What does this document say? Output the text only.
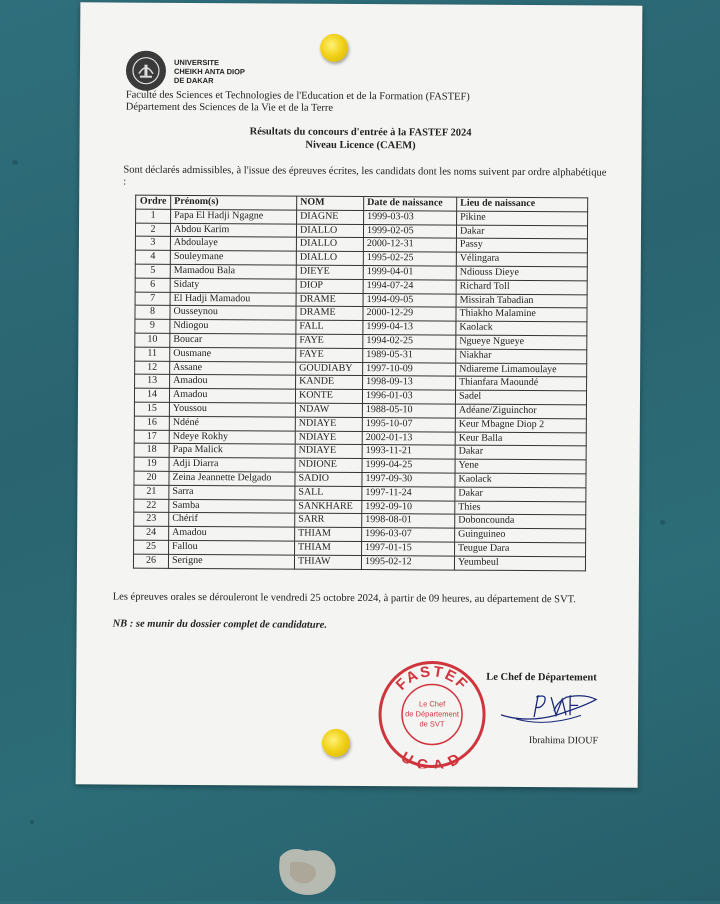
UNIVERSITE
CHEIKH ANTA DIOP
DE DAKAR
Faculté des Sciences et Technologies de l'Education et de la Formation (FASTEF)
Département des Sciences de la Vie et de la Terre
Résultats du concours d'entrée à la FASTEF 2024
Niveau Licence (CAEM)
Sont déclarés admissibles, à l'issue des épreuves écrites, les candidats dont les noms suivent par ordre alphabétique :
Ordre	Prénom(s)	NOM	Date de naissance	Lieu de naissance
1	Papa El Hadji Ngagne	DIAGNE	1999-03-03	Pikine
2	Abdou Karim	DIALLO	1999-02-05	Dakar
3	Abdoulaye	DIALLO	2000-12-31	Passy
4	Souleymane	DIALLO	1995-02-25	Vélingara
5	Mamadou Bala	DIEYE	1999-04-01	Ndiouss Dieye
6	Sidaty	DIOP	1994-07-24	Richard Toll
7	El Hadji Mamadou	DRAME	1994-09-05	Missirah Tabadian
8	Ousseynou	DRAME	2000-12-29	Thiakho Malamine
9	Ndiogou	FALL	1999-04-13	Kaolack
10	Boucar	FAYE	1994-02-25	Ngueye Ngueye
11	Ousmane	FAYE	1989-05-31	Niakhar
12	Assane	GOUDIABY	1997-10-09	Ndiareme Limamoulaye
13	Amadou	KANDE	1998-09-13	Thianfara Maoundé
14	Amadou	KONTE	1996-01-03	Sadel
15	Youssou	NDAW	1988-05-10	Adéane/Ziguinchor
16	Ndéné	NDIAYE	1995-10-07	Keur Mbagne Diop 2
17	Ndeye Rokhy	NDIAYE	2002-01-13	Keur Balla
18	Papa Malick	NDIAYE	1993-11-21	Dakar
19	Adji Diarra	NDIONE	1999-04-25	Yene
20	Zeina Jeannette Delgado	SADIO	1997-09-30	Kaolack
21	Sarra	SALL	1997-11-24	Dakar
22	Samba	SANKHARE	1992-09-10	Thies
23	Chérif	SARR	1998-08-01	Doboncounda
24	Amadou	THIAM	1996-03-07	Guinguineo
25	Fallou	THIAM	1997-01-15	Teugue Dara
26	Serigne	THIAW	1995-02-12	Yeumbeul
Les épreuves orales se dérouleront le vendredi 25 octobre 2024, à partir de 09 heures, au département de SVT.
NB : se munir du dossier complet de candidature.
FASTEF
UCAD
Le Chef
de Département
de SVT
Le Chef de Département
Ibrahima DIOUF
